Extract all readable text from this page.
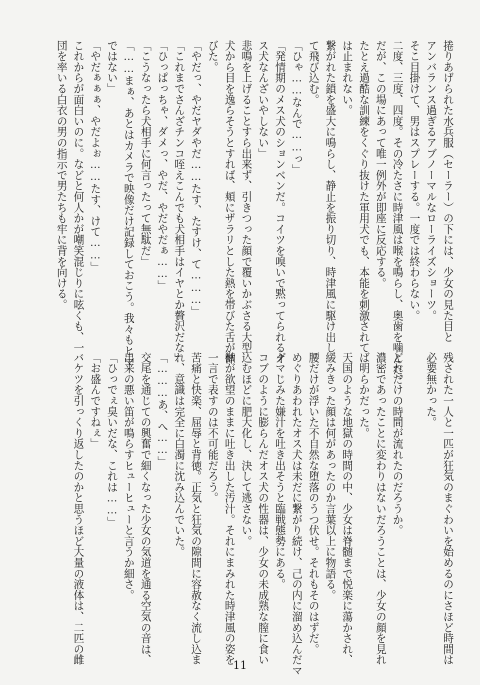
捲りあげられた水兵服（セーラー）の下には、少女の見た目と
アンバランス過ぎるアブノーマルなローライズショーツ。
そこ目掛けて、男はスプレーする。一度では終わらない。
二度、三度、四度。その冷たさに時津風は喉を鳴らし、奥歯を噛んだ。
だが、この場にあって唯一例外が即座に反応する。
たとえ過酷な訓練をくぐり抜けた軍用犬でも、本能を刺激されて
は止まれない。
繋がれた鎖を盛大に鳴らし、静止を振り切り、時津風に駆け出し
て飛び込む。
「ひゃ……なんで……っ」
「発情期のメス犬のションベンだ。コイツを嗅いで黙ってられるオ
ス犬なんざいやしない」
悲鳴を上げることすら出来ず、引きつった顔で覆いかぶさる大型
犬から目を逸らそうとすれば、頬にザラリとした熱を帯びた舌が伸
びた。
「やだっ、やだヤダやだ……たす、たすけ、て………」
「これまでさんざチンコ咥えこんでも犬相手はイヤとか贅沢だな」
「ひっぱっちゃ、ダメっ、やだ、やだやだぁ……」
「こうなったら犬相手に何言ったって無駄だ」
「……まぁ、あとはカメラで映像だけ記録しておこう。我々もヒマ
ではない」
「やだぁぁぁ、やだよぉ……たす、けて……」
これからが面白いのに。などと何人かが嘲笑混じりに呟くも、一
団を率いる白衣の男の指示で男たちも牢に背を向ける。
残された一人と一匹が狂気のまぐわいを始めるのにさほど時間は
必要無かった。

どれだけの時間が流れたのだろうか。
濃密であったことに変わりはないだろうことは、少女の顔を見れ
ば明らかだった。
天国のような地獄の時間の中、少女は脊髄まで悦楽に蕩かされ、
緩みきった顔は何があったのか言葉以上に物語る。
腰だけが浮いた不自然な堕落のうつ伏せ。それもそのはずだ。
めぐりあわれたオス犬は未だに繋がり続け、己の内に溜め込んだマ
グマじみた嫌汁を吐き出そうと臨戦態勢にある。
コブのように膨らんだオス犬の性器は、少女の未成熟な膣に食い
込むほどに肥大化し、決して逃さない。
獣が欲望のままに吐き出した汚汁。それにまみれた時津風の姿を
一言で表すのは不可能だろう。
苦痛と快楽、屈辱と背徳。正気と狂気の隙間に容赦なく流し込ま
れ、意識は完全に白濁に沈み込んでいた。
「………あ、へ……」
交尾を通じての興奮で細くなった少女の気道を通る空気の音は、
出来の悪い笛が鳴らすヒューヒューと言うか細さ。
「ひっでぇ臭いだな、これは……」
「お盛んですねぇ」
バケツを引っくり返したのかと思うほど大量の液体は、二匹の雌
11
